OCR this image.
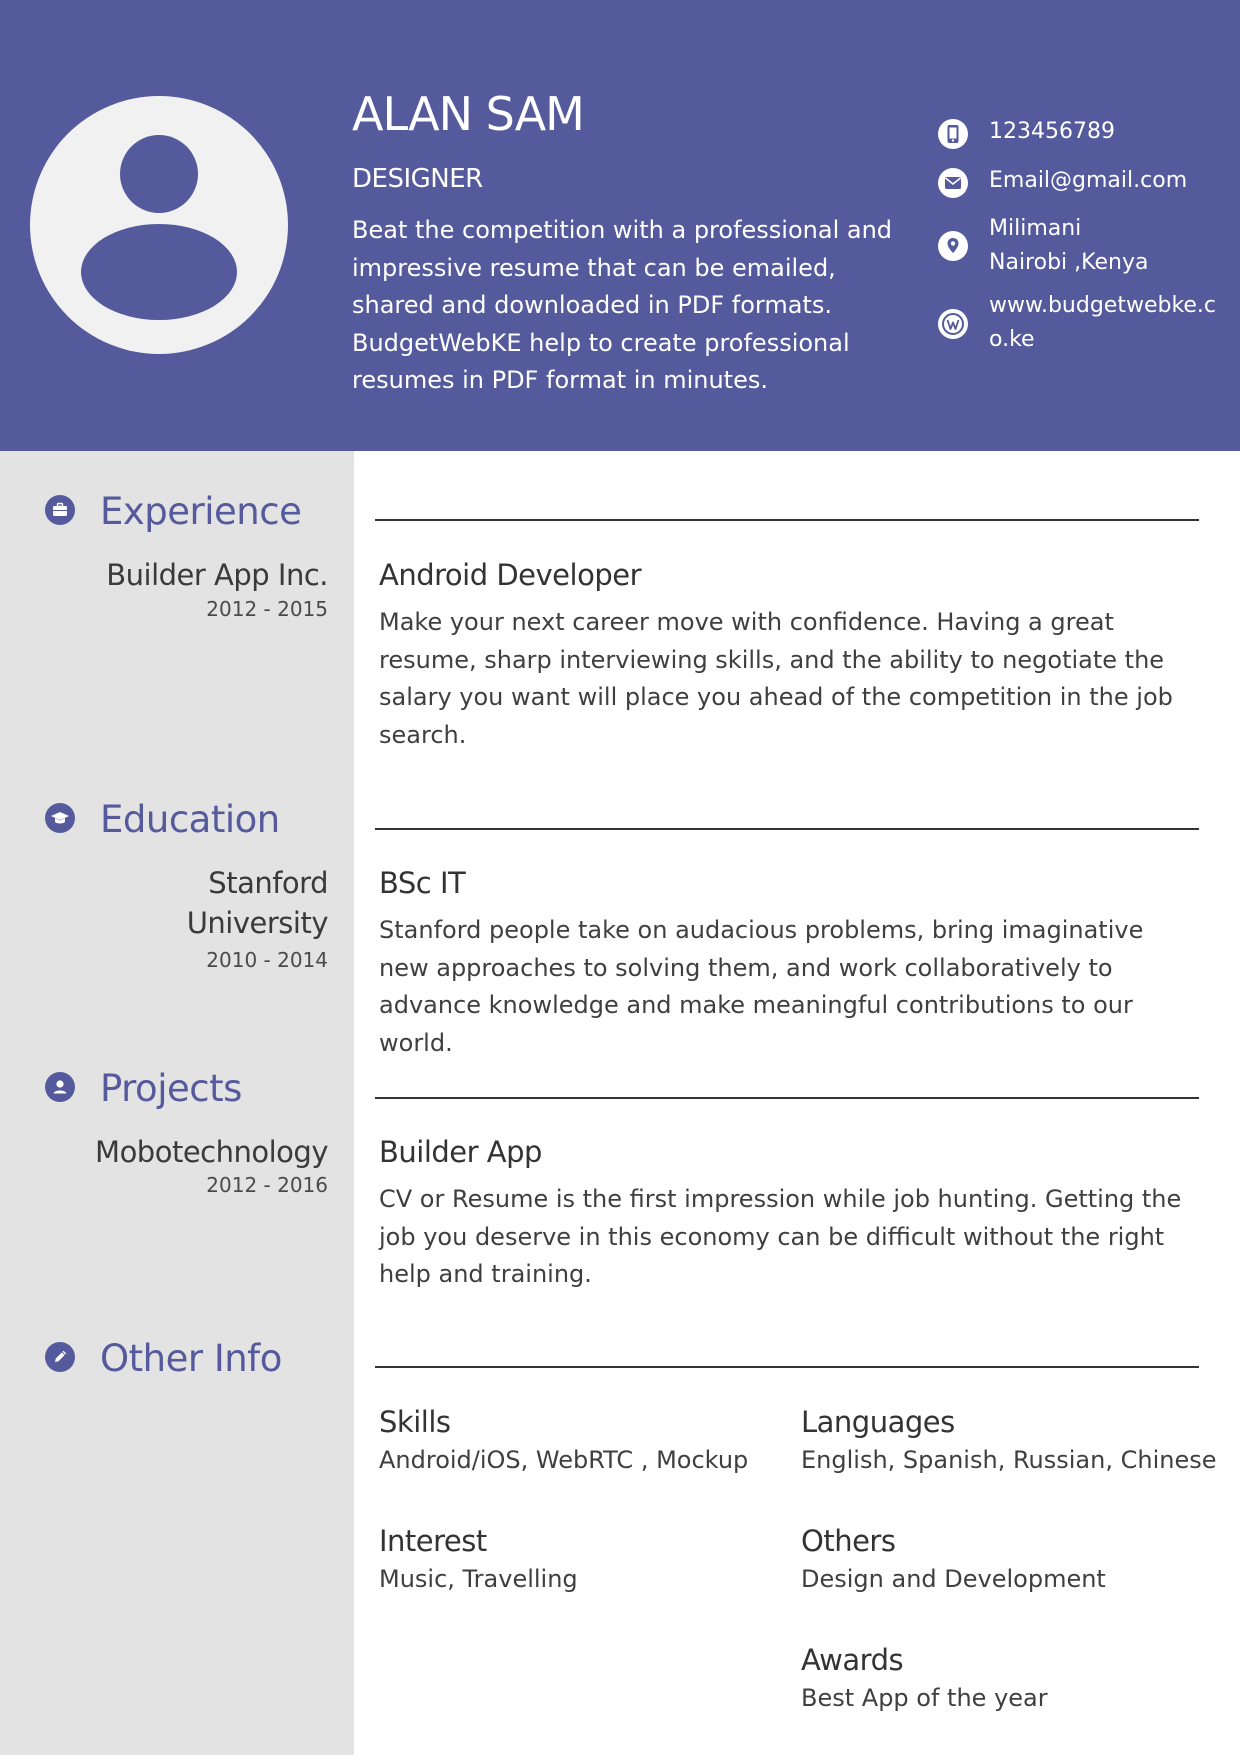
ALAN SAM
DESIGNER
Beat the competition with a professional and impressive resume that can be emailed, shared and downloaded in PDF formats. BudgetWebKE help to create professional resumes in PDF format in minutes.
123456789
Email@gmail.com
Milimani
Nairobi ,Kenya
www.budgetwebke.co.ke
Experience
Builder App Inc.
2012 - 2015
Android Developer
Make your next career move with confidence. Having a great resume, sharp interviewing skills, and the ability to negotiate the salary you want will place you ahead of the competition in the job search.
Education
Stanford University
2010 - 2014
BSc IT
Stanford people take on audacious problems, bring imaginative new approaches to solving them, and work collaboratively to advance knowledge and make meaningful contributions to our world.
Projects
Mobotechnology
2012 - 2016
Builder App
CV or Resume is the first impression while job hunting. Getting the job you deserve in this economy can be difficult without the right help and training.
Other Info
Skills
Android/iOS, WebRTC , Mockup
Languages
English, Spanish, Russian, Chinese
Interest
Music, Travelling
Others
Design and Development
Awards
Best App of the year
